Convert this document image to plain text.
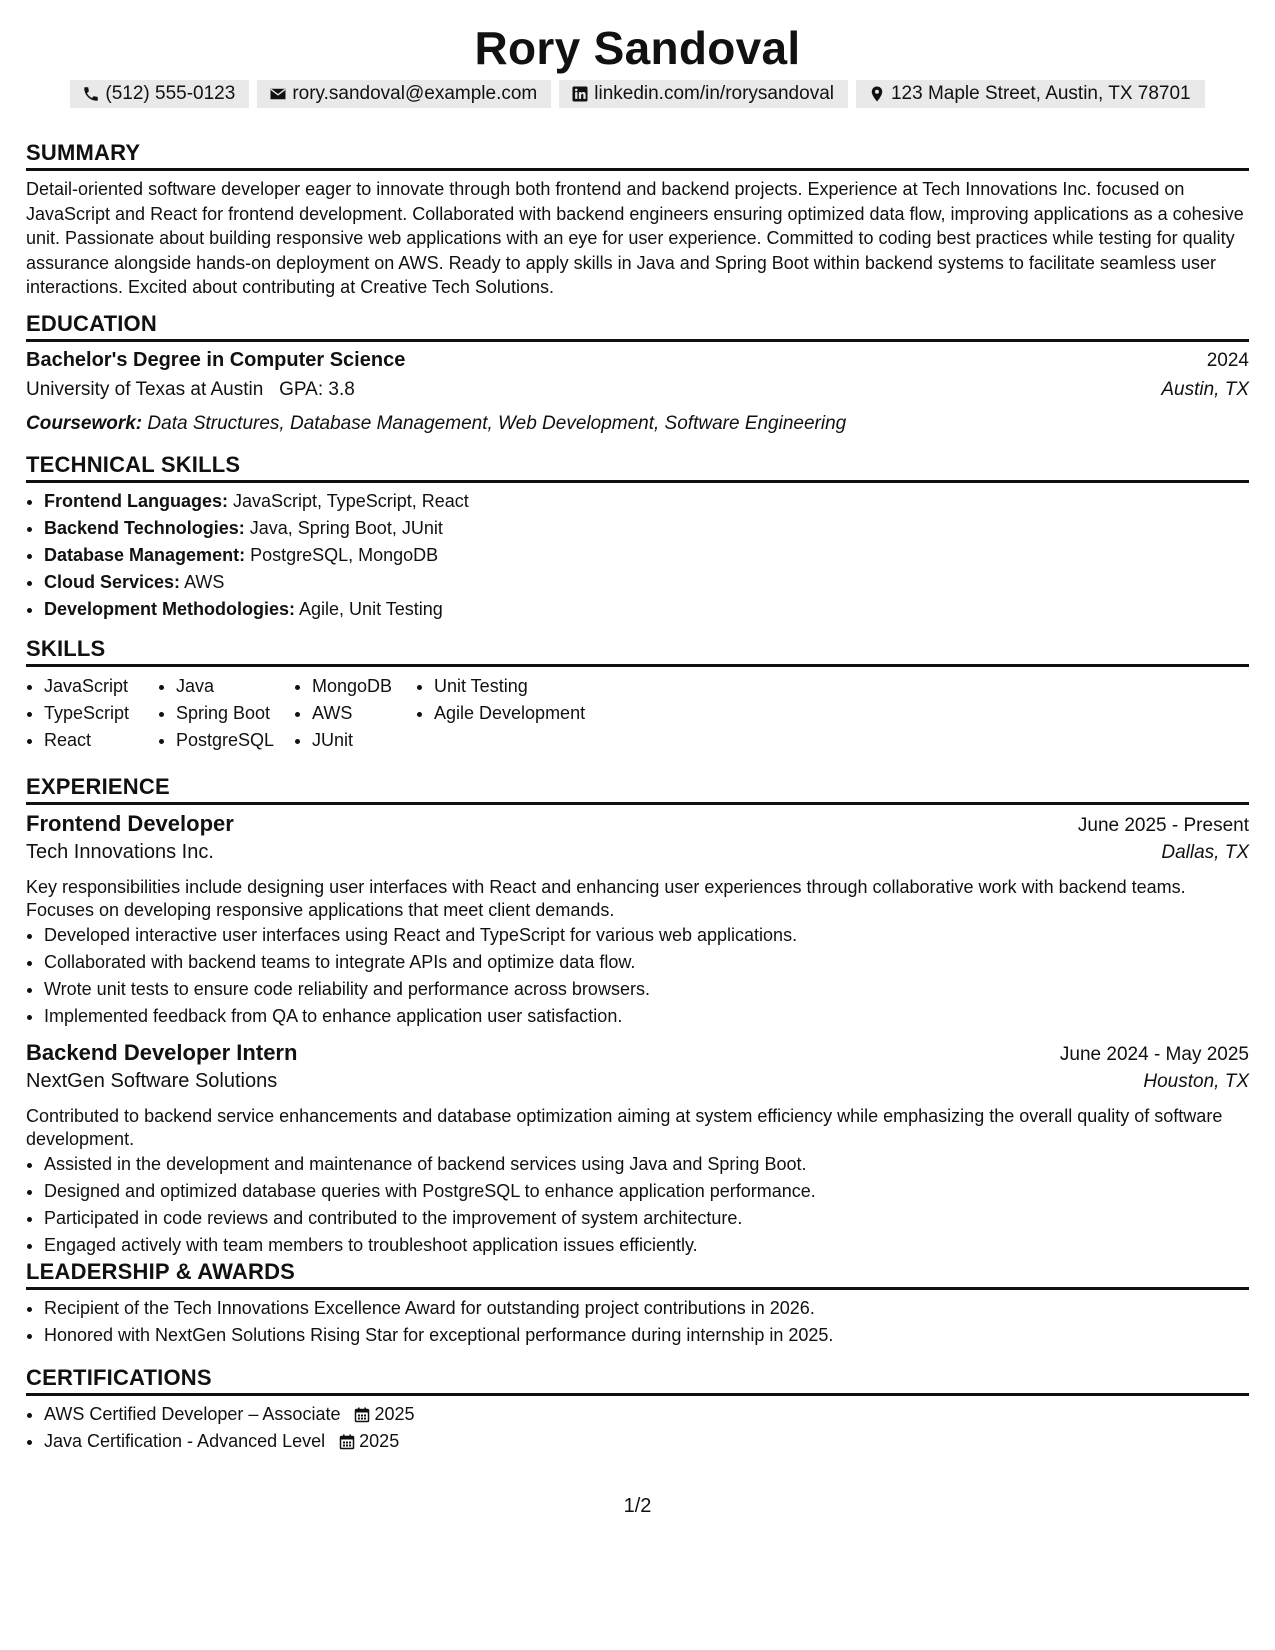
Rory Sandoval
(512) 555-0123	rory.sandoval@example.com	linkedin.com/in/rorysandoval	123 Maple Street, Austin, TX 78701
SUMMARY

Detail-oriented software developer eager to innovate through both frontend and backend projects. Experience at Tech Innovations Inc. focused on JavaScript and React for frontend development. Collaborated with backend engineers ensuring optimized data flow, improving applications as a cohesive unit. Passionate about building responsive web applications with an eye for user experience. Committed to coding best practices while testing for quality assurance alongside hands-on deployment on AWS. Ready to apply skills in Java and Spring Boot within backend systems to facilitate seamless user interactions. Excited about contributing at Creative Tech Solutions.

EDUCATION
Bachelor's Degree in Computer Science	2024
University of Texas at Austin GPA: 3.8	Austin, TX
Coursework: Data Structures, Database Management, Web Development, Software Engineering
TECHNICAL SKILLS
• Frontend Languages: JavaScript, TypeScript, React
• Backend Technologies: Java, Spring Boot, JUnit
• Database Management: PostgreSQL, MongoDB
• Cloud Services: AWS
• Development Methodologies: Agile, Unit Testing
SKILLS
• JavaScript
• TypeScript
• React
• Java
• Spring Boot
• PostgreSQL
• MongoDB
• AWS
• JUnit
• Unit Testing
• Agile Development
EXPERIENCE
Frontend Developer	June 2025 - Present
Tech Innovations Inc.	Dallas, TX

Key responsibilities include designing user interfaces with React and enhancing user experiences through collaborative work with backend teams. Focuses on developing responsive applications that meet client demands.

• Developed interactive user interfaces using React and TypeScript for various web applications.
• Collaborated with backend teams to integrate APIs and optimize data flow.
• Wrote unit tests to ensure code reliability and performance across browsers.
• Implemented feedback from QA to enhance application user satisfaction.
Backend Developer Intern	June 2024 - May 2025
NextGen Software Solutions	Houston, TX

Contributed to backend service enhancements and database optimization aiming at system efficiency while emphasizing the overall quality of software development.

• Assisted in the development and maintenance of backend services using Java and Spring Boot.
• Designed and optimized database queries with PostgreSQL to enhance application performance.
• Participated in code reviews and contributed to the improvement of system architecture.
• Engaged actively with team members to troubleshoot application issues efficiently.
LEADERSHIP & AWARDS
• Recipient of the Tech Innovations Excellence Award for outstanding project contributions in 2026.
• Honored with NextGen Solutions Rising Star for exceptional performance during internship in 2025.
CERTIFICATIONS
• AWS Certified Developer – Associate 2025
• Java Certification - Advanced Level 2025
1/2
